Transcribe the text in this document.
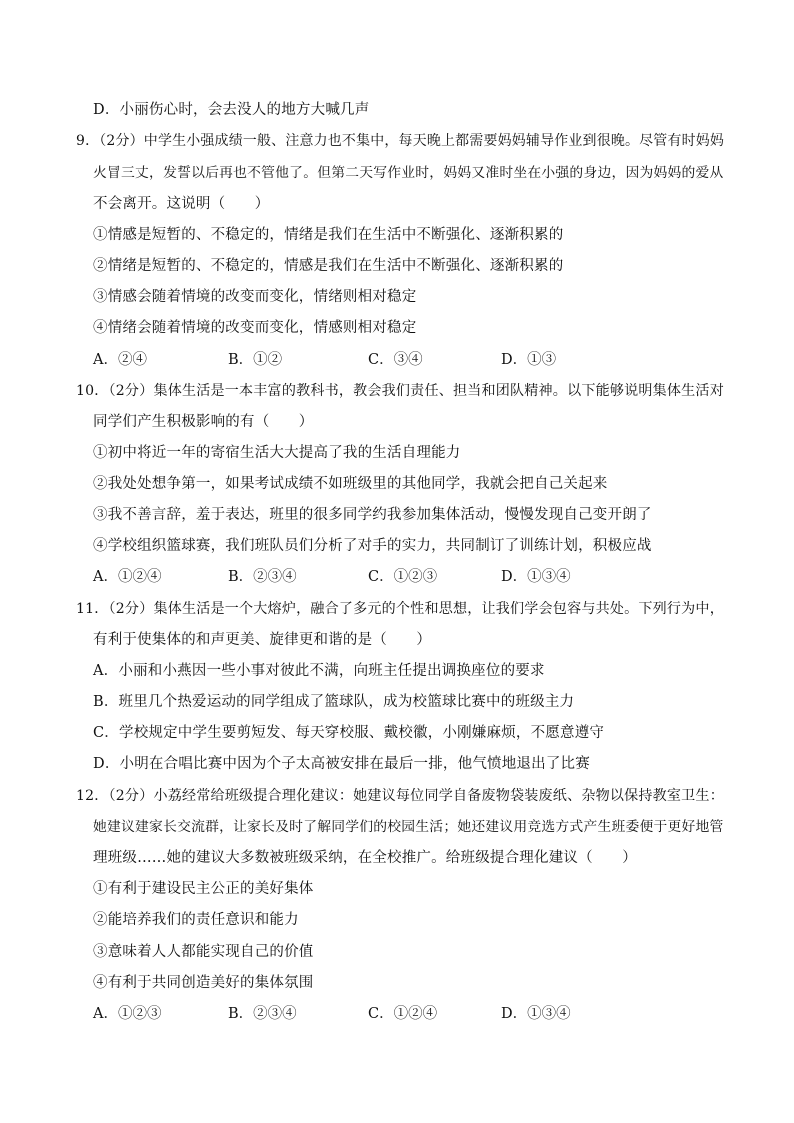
D．小丽伤心时，会去没人的地方大喊几声
9．（2分）中学生小强成绩一般、注意力也不集中，每天晚上都需要妈妈辅导作业到很晚。尽管有时妈妈
火冒三丈，发誓以后再也不管他了。但第二天写作业时，妈妈又准时坐在小强的身边，因为妈妈的爱从
不会离开。这说明（　　）
①情感是短暂的、不稳定的，情绪是我们在生活中不断强化、逐渐积累的
②情绪是短暂的、不稳定的，情感是我们在生活中不断强化、逐渐积累的
③情感会随着情境的改变而变化，情绪则相对稳定
④情绪会随着情境的改变而变化，情感则相对稳定
A．②④	B．①②	C．③④	D．①③
10．（2分）集体生活是一本丰富的教科书，教会我们责任、担当和团队精神。以下能够说明集体生活对
同学们产生积极影响的有（　　）
①初中将近一年的寄宿生活大大提高了我的生活自理能力
②我处处想争第一，如果考试成绩不如班级里的其他同学，我就会把自己关起来
③我不善言辞，羞于表达，班里的很多同学约我参加集体活动，慢慢发现自己变开朗了
④学校组织篮球赛，我们班队员们分析了对手的实力，共同制订了训练计划，积极应战
A．①②④	B．②③④	C．①②③	D．①③④
11．（2分）集体生活是一个大熔炉，融合了多元的个性和思想，让我们学会包容与共处。下列行为中，
有利于使集体的和声更美、旋律更和谐的是（　　）
A．小丽和小燕因一些小事对彼此不满，向班主任提出调换座位的要求
B．班里几个热爱运动的同学组成了篮球队，成为校篮球比赛中的班级主力
C．学校规定中学生要剪短发、每天穿校服、戴校徽，小刚嫌麻烦，不愿意遵守
D．小明在合唱比赛中因为个子太高被安排在最后一排，他气愤地退出了比赛
12．（2分）小荔经常给班级提合理化建议：她建议每位同学自备废物袋装废纸、杂物以保持教室卫生：
她建议建家长交流群，让家长及时了解同学们的校园生活；她还建议用竞选方式产生班委便于更好地管
理班级……她的建议大多数被班级采纳，在全校推广。给班级提合理化建议（　　）
①有利于建设民主公正的美好集体
②能培养我们的责任意识和能力
③意味着人人都能实现自己的价值
④有利于共同创造美好的集体氛围
A．①②③	B．②③④	C．①②④	D．①③④
